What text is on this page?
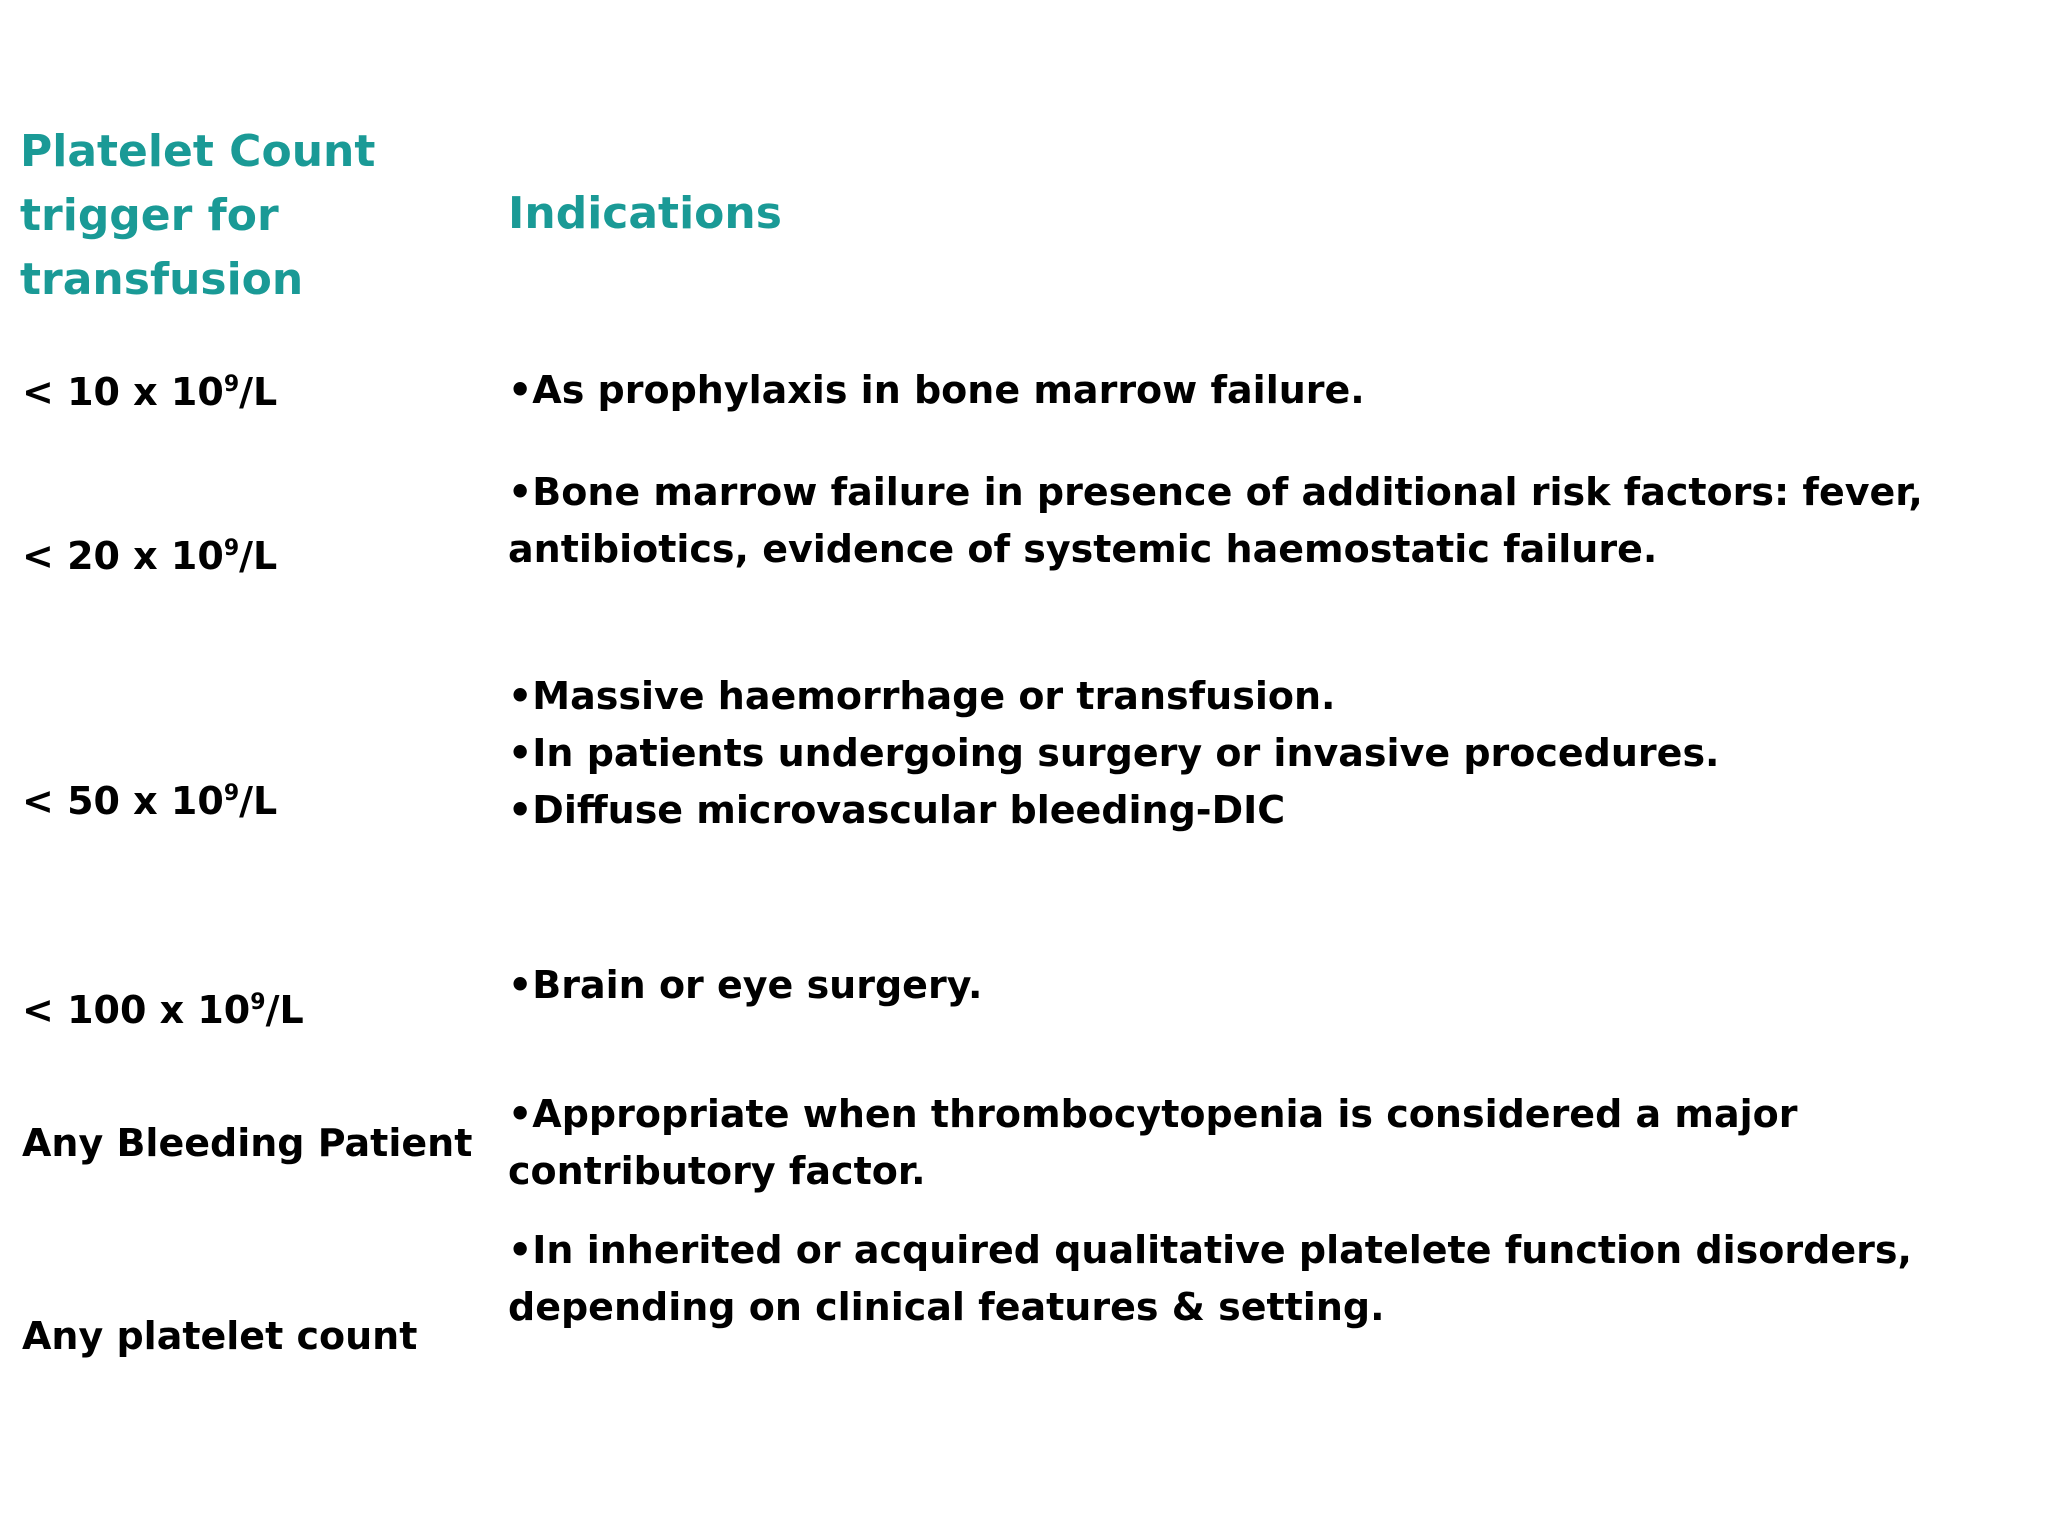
Platelet Count trigger for transfusion
Indications
< 10 x $10^9/L$	•As prophylaxis in bone marrow failure.
< 20 x $10^9/L$
•Bone marrow failure in presence of additional risk factors: fever, antibiotics, evidence of systemic haemostatic failure.
< 50 x $10^9/L$
•Massive haemorrhage or transfusion.
•In patients undergoing surgery or invasive procedures.
•Diffuse microvascular bleeding-DIC
< 100 x $10^9/L$
•Brain or eye surgery.
Any Bleeding Patient
•Appropriate when thrombocytopenia is considered a major contributory factor.
Any platelet count
•In inherited or acquired qualitative platelete function disorders, depending on clinical features & setting.
